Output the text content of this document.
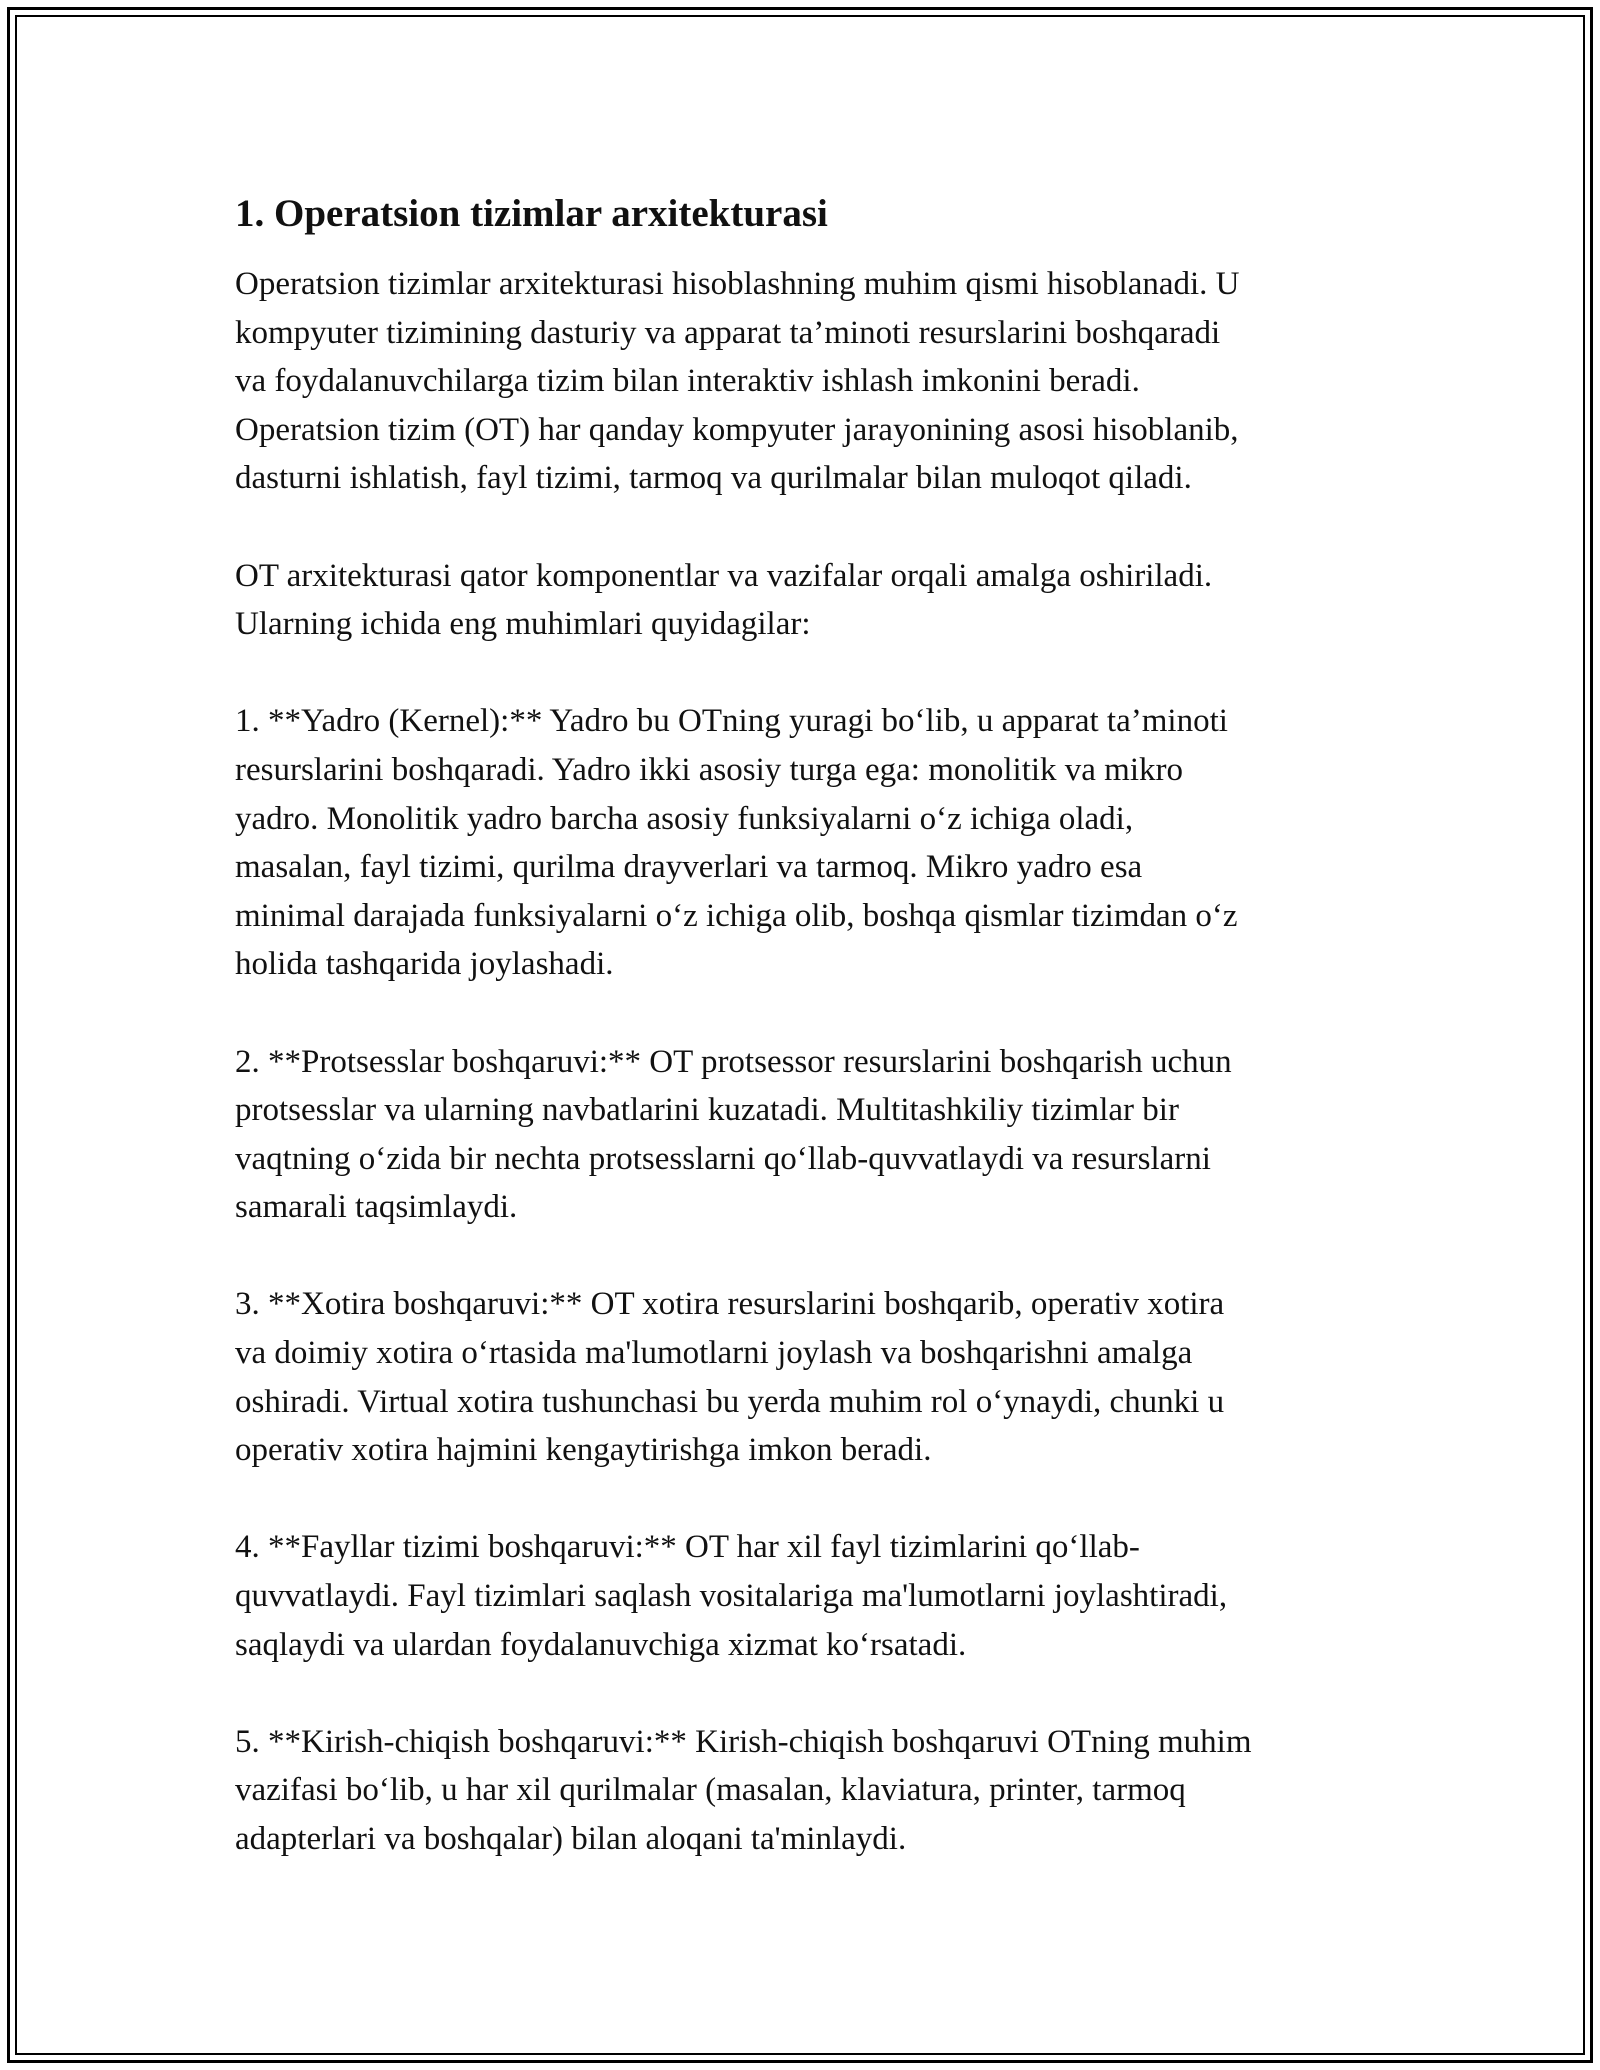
1. Operatsion tizimlar arxitekturasi

Operatsion tizimlar arxitekturasi hisoblashning muhim qismi hisoblanadi. U
kompyuter tizimining dasturiy va apparat ta’minoti resurslarini boshqaradi
va foydalanuvchilarga tizim bilan interaktiv ishlash imkonini beradi.
Operatsion tizim (OT) har qanday kompyuter jarayonining asosi hisoblanib,
dasturni ishlatish, fayl tizimi, tarmoq va qurilmalar bilan muloqot qiladi.

OT arxitekturasi qator komponentlar va vazifalar orqali amalga oshiriladi.
Ularning ichida eng muhimlari quyidagilar:

1. **Yadro (Kernel):** Yadro bu OTning yuragi bo‘lib, u apparat ta’minoti
resurslarini boshqaradi. Yadro ikki asosiy turga ega: monolitik va mikro
yadro. Monolitik yadro barcha asosiy funksiyalarni o‘z ichiga oladi,
masalan, fayl tizimi, qurilma drayverlari va tarmoq. Mikro yadro esa
minimal darajada funksiyalarni o‘z ichiga olib, boshqa qismlar tizimdan o‘z
holida tashqarida joylashadi.

2. **Protsesslar boshqaruvi:** OT protsessor resurslarini boshqarish uchun
protsesslar va ularning navbatlarini kuzatadi. Multitashkiliy tizimlar bir
vaqtning o‘zida bir nechta protsesslarni qo‘llab-quvvatlaydi va resurslarni
samarali taqsimlaydi.

3. **Xotira boshqaruvi:** OT xotira resurslarini boshqarib, operativ xotira
va doimiy xotira o‘rtasida ma'lumotlarni joylash va boshqarishni amalga
oshiradi. Virtual xotira tushunchasi bu yerda muhim rol o‘ynaydi, chunki u
operativ xotira hajmini kengaytirishga imkon beradi.

4. **Fayllar tizimi boshqaruvi:** OT har xil fayl tizimlarini qo‘llab-
quvvatlaydi. Fayl tizimlari saqlash vositalariga ma'lumotlarni joylashtiradi,
saqlaydi va ulardan foydalanuvchiga xizmat ko‘rsatadi.

5. **Kirish-chiqish boshqaruvi:** Kirish-chiqish boshqaruvi OTning muhim
vazifasi bo‘lib, u har xil qurilmalar (masalan, klaviatura, printer, tarmoq
adapterlari va boshqalar) bilan aloqani ta'minlaydi.
